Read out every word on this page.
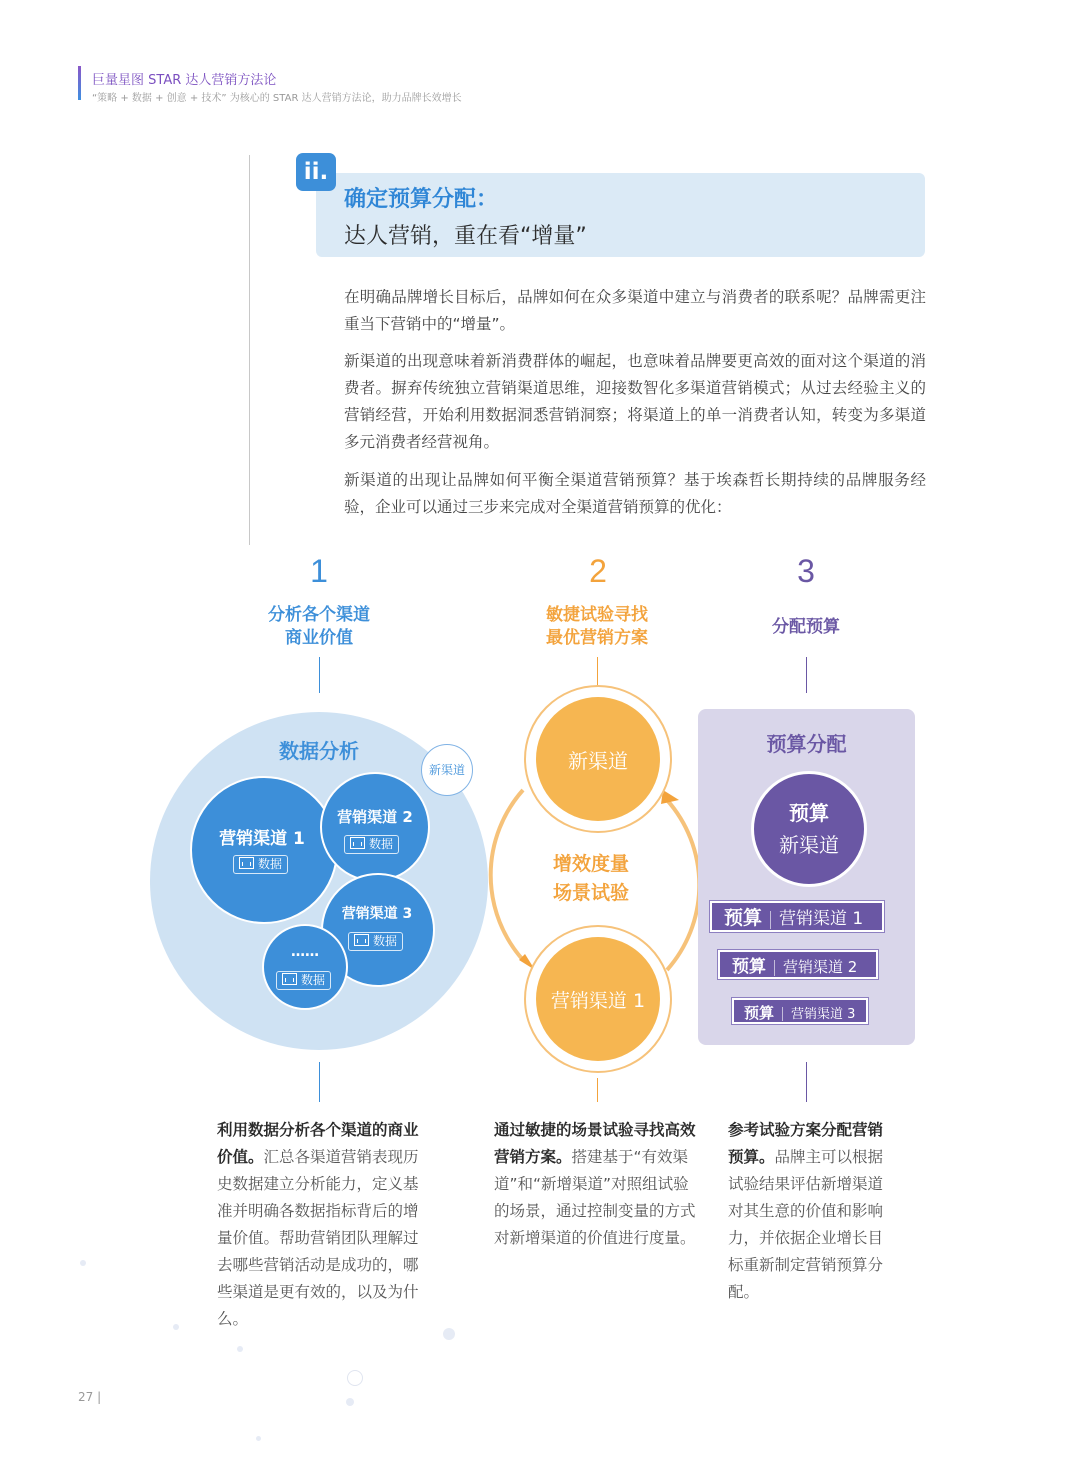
巨量星图 STAR 达人营销方法论
“策略 + 数据 + 创意 + 技术” 为核心的 STAR 达人营销方法论，助力品牌长效增长
ii.
确定预算分配：
达人营销，重在看“增量”
在明确品牌增长目标后，品牌如何在众多渠道中建立与消费者的联系呢？品牌需更注重当下营销中的“增量”。
新渠道的出现意味着新消费群体的崛起，也意味着品牌要更高效的面对这个渠道的消费者。摒弃传统独立营销渠道思维，迎接数智化多渠道营销模式；从过去经验主义的营销经营，开始利用数据洞悉营销洞察；将渠道上的单一消费者认知，转变为多渠道多元消费者经营视角。
新渠道的出现让品牌如何平衡全渠道营销预算？基于埃森哲长期持续的品牌服务经验，企业可以通过三步来完成对全渠道营销预算的优化：
1
分析各个渠道
商业价值
2
敏捷试验寻找
最优营销方案
3
分配预算
数据分析
新渠道
营销渠道 1
数据
营销渠道 2
数据
营销渠道 3
数据
……
数据
新渠道
增效度量
场景试验
营销渠道 1
预算分配
预算
新渠道
预算 营销渠道 1
预算 营销渠道 2
预算 营销渠道 3
利用数据分析各个渠道的商业价值。汇总各渠道营销表现历史数据建立分析能力，定义基准并明确各数据指标背后的增量价值。帮助营销团队理解过去哪些营销活动是成功的，哪些渠道是更有效的，以及为什么。
通过敏捷的场景试验寻找高效营销方案。搭建基于“有效渠道”和“新增渠道”对照组试验的场景，通过控制变量的方式对新增渠道的价值进行度量。
参考试验方案分配营销预算。品牌主可以根据试验结果评估新增渠道对其生意的价值和影响力，并依据企业增长目标重新制定营销预算分配。
27 |
